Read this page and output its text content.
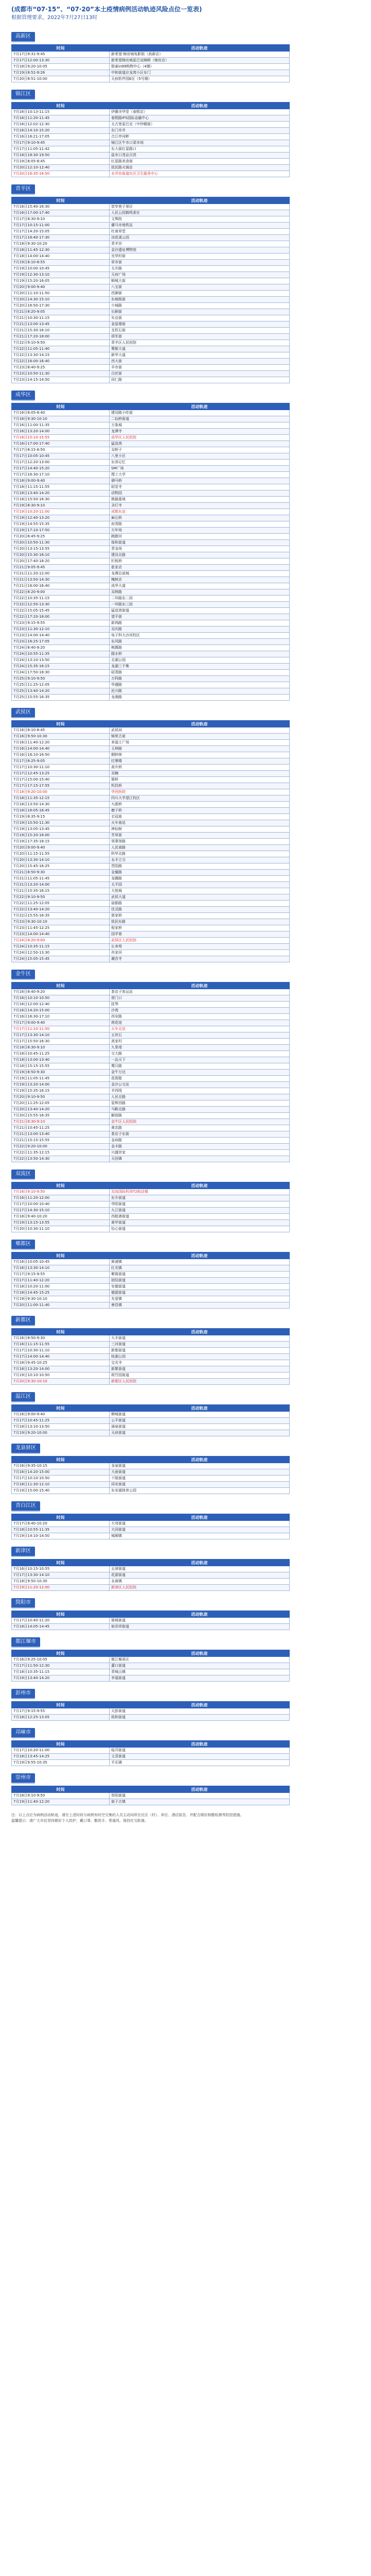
(成都市“07·15”、“07·20”本土疫情病例活动轨迹风险点位一览表)
根据管理要求，2022年7月27日13时
高新区
时间	活动轨迹
7月17日9:31-9:45	新希望·锦官城电影院（高新店）
7月17日12:00-13:30	新希望锦官城星巴克咖啡（锦官店）
7月18日9:20-10:05	银泰in99购物中心（4楼）
7月19日8:52-9:26	中和街道应龙湾小区东门
7月20日8:51-10:00	天府软件园E区（5号楼）
锦江区
时间	活动轨迹
7月16日10:13-11:15	伊藤洋华堂（春熙店）
7月16日11:20-11:45	春熙路IFS国际金融中心
7月16日12:02-12:30	太古里星巴克（中纱帽街）
7月16日14:10-15:20	东门市井
7月16日16:21-17:05	合江亭河畔
7月17日9:10-9:45	锦江区牛市口菜市场
7月17日11:05-11:42	东大街红星路口
7月18日18:30-19:50	盐市口茂业百货
7月19日8:05-8:45	红星路美食街
7月20日12:10-12:40	致民路火锅店
7月20日16:35-16:50	水井坊街道社区卫生服务中心
青羊区
时间	活动轨迹
7月16日15:40-16:30	宽窄巷子景区
7月16日17:00-17:40	人民公园鹤鸣茶社
7月17日8:30-9:10	文殊院
7月17日10:15-11:00	骡马市地铁站
7月17日14:20-15:05	杜甫草堂
7月17日16:40-17:30	浣花溪公园
7月18日9:30-10:20	青羊宫
7月18日11:45-12:30	金沙遗址博物馆
7月18日14:00-14:40	光华村街
7月19日8:10-8:55	草市街
7月19日10:00-10:45	太升路
7月19日12:30-13:10	天府广场
7月19日15:20-16:05	顺城大街
7月20日9:00-9:40	八宝街
7月20日11:10-11:50	西御街
7月20日14:30-15:10	东城根街
7月20日16:50-17:30	少城路
7月21日8:20-9:05	长顺街
7月21日10:30-11:15	实业街
7月21日13:00-13:45	奎星楼街
7月21日15:30-16:10	支机石街
7月21日17:20-18:00	将军街
7月22日9:10-9:50	青羊区人民医院
7月22日11:05-11:40	蜀都大道
7月22日13:30-14:15	新华大道
7月22日16:00-16:40	西大街
7月23日8:40-9:25	羊市街
7月23日10:50-11:30	白丝街
7月23日14:15-14:50	同仁路
成华区
时间	活动轨迹
7月16日8:05-8:40	建设路小吃街
7月16日9:30-10:10	二仙桥街道
7月16日11:00-11:35	万象城
7月16日13:20-14:00	龙潭寺
7月16日15:10-15:55	成华区人民医院
7月16日17:00-17:40	猛追湾
7月17日8:15-8:50	双桥子
7月17日10:05-10:45	八里小区
7月17日12:20-13:00	东郊记忆
7月17日14:40-15:20	SM广场
7月17日16:30-17:10	理工大学
7月18日9:00-9:40	驷马桥
7月18日11:15-11:55	昭觉寺
7月18日13:40-14:20	动物园
7月18日15:50-16:30	熊猫基地
7月19日8:30-9:10	圣灯寺
7月19日10:20-11:00	成都东站
7月19日12:40-13:20	麻石桥
7月19日14:55-15:35	府青路
7月19日17:10-17:50	万年场
7月20日8:45-9:25	跳蹬河
7月20日10:50-11:30	保和街道
7月20日13:15-13:55	青龙场
7月20日15:30-16:10	建设北路
7月20日17:40-18:20	杉板桥
7月21日9:05-9:45	崔家店
7月21日11:20-12:00	龙潭总部城
7月21日13:50-14:30	槐树店
7月21日16:00-16:40	成华大道
7月22日8:20-9:00	双林路
7月22日10:35-11:15	二环路东二段
7月22日12:50-13:30	一环路东三段
7月22日15:05-15:45	猛追湾街道
7月22日17:20-18:00	望平街
7月23日9:15-9:55	新鸿路
7月23日11:30-12:10	双庆路
7月23日14:00-14:40	电子科大沙河校区
7月23日16:25-17:05	东风路
7月24日8:40-9:20	桃蹊路
7月24日10:55-11:35	踏水桥
7月24日13:10-13:50	北湖公园
7月24日15:35-16:15	龙湖三千集
7月24日17:50-18:30	昭青路
7月25日9:10-9:50	万科路
7月25日11:25-12:05	华盛路
7月25日13:40-14:20	民兴路
7月25日15:55-16:35	龙港路
武侯区
时间	活动轨迹
7月16日8:10-8:45	武侯祠
7月16日9:50-10:30	锦里古街
7月16日11:40-12:20	来福士广场
7月16日14:00-14:40	玉林路
7月16日16:10-16:50	桐梓林
7月17日8:25-9:05	红牌楼
7月17日10:30-11:10	高升桥
7月17日12:45-13:25	双楠
7月17日15:00-15:40	簇桥
7月17日17:15-17:55	机投桥
7月18日9:20-10:00	华西医院
7月18日11:35-12:15	四川大学望江校区
7月18日13:50-14:30	九眼桥
7月18日16:05-16:45	磨子桥
7月19日8:35-9:15	衣冠庙
7月19日10:50-11:30	火车南站
7月19日13:05-13:45	神仙树
7月19日15:20-16:00	芳草街
7月19日17:35-18:15	领事馆路
7月20日9:00-9:40	人民南路
7月20日11:15-11:55	科华北路
7月20日13:30-14:10	永丰立交
7月20日15:45-16:25	晋阳路
7月21日8:50-9:30	金履路
7月21日11:05-11:45	龙腾路
7月21日13:20-14:00	太平园
7月21日15:35-16:15	大悦城
7月22日9:10-9:50	武侯大道
7月22日11:25-12:05	丽都路
7月22日13:40-14:20	佳灵路
7月22日15:55-16:35	郭家桥
7月23日9:30-10:10	致民东路
7月23日11:45-12:25	倪家桥
7月23日14:00-14:40	国学巷
7月24日8:20-9:00	武侯区人民医院
7月24日10:35-11:15	长寿苑
7月24日12:50-13:30	肖家河
7月24日15:05-15:45	潮音寺
金牛区
时间	活动轨迹
7月16日8:40-9:20	茶店子客运站
7月16日10:10-10:50	营门口
7月16日12:00-12:40	抚琴
7月16日14:20-15:00	沙湾
7月16日16:30-17:10	西安路
7月17日9:00-9:40	荷花池
7月17日11:10-11:50	火车北站
7月17日13:30-14:10	五块石
7月17日15:50-16:30	高家村
7月18日8:30-9:10	九里堤
7月18日10:45-11:25	交大路
7月18日13:00-13:40	一品天下
7月18日15:15-15:55	蜀汉路
7月19日8:50-9:30	金牛万达
7月19日11:05-11:45	花照壁
7月19日13:20-14:00	金沙公交站
7月19日15:35-16:15	羊西线
7月20日9:10-9:50	人民北路
7月20日11:25-12:05	星辉西路
7月20日13:40-14:20	马鞍北路
7月20日15:55-16:35	解放路
7月21日8:30-9:10	金牛区人民医院
7月21日10:45-11:25	黄忠路
7月21日13:00-13:40	茶店子东街
7月21日15:15-15:55	金府路
7月22日9:20-10:00	金丰路
7月22日11:35-12:15	兴盛世家
7月22日13:50-14:30	天回镇
双流区
时间	活动轨迹
7月16日9:10-9:50	双流国际机场T2航站楼
7月16日11:20-12:00	东升街道
7月17日10:00-10:40	华阳街道
7月17日14:30-15:10	九江街道
7月18日9:40-10:20	西航港街道
7月19日13:15-13:55	黄甲街道
7月20日10:30-11:10	怡心街道
郫都区
时间	活动轨迹
7月16日10:05-10:45	犀浦镇
7月16日13:30-14:10	红光镇
7月17日9:15-9:55	郫筒街道
7月17日11:40-12:20	团结街道
7月18日10:20-11:00	安德街道
7月18日14:45-15:25	德源街道
7月19日9:30-10:10	友爱镇
7月20日11:00-11:40	唐昌镇
新都区
时间	活动轨迹
7月16日8:50-9:30	大丰街道
7月16日11:15-11:55	三河街道
7月17日10:30-11:10	新都街道
7月17日14:00-14:40	桂湖公园
7月18日9:45-10:25	宝光寺
7月18日13:20-14:00	新繁街道
7月19日10:10-10:50	斑竹园街道
7月20日9:30-10:10	新都区人民医院
温江区
时间	活动轨迹
7月16日9:00-9:40	柳城街道
7月17日10:45-11:25	公平街道
7月18日13:10-13:50	涌泉街道
7月19日9:20-10:00	天府街道
龙泉驿区
时间	活动轨迹
7月16日9:35-10:15	龙泉街道
7月16日14:20-15:00	大面街道
7月17日10:10-10:50	十陵街道
7月18日11:30-12:10	同安街道
7月19日15:00-15:40	东安湖体育公园
青白江区
时间	活动轨迹
7月17日9:40-10:20	大弯街道
7月18日10:55-11:35	大同街道
7月19日14:10-14:50	城厢镇
新津区
时间	活动轨迹
7月16日10:15-10:55	五津街道
7月17日13:30-14:10	花源街道
7月18日9:50-10:30	永商镇
7月19日11:20-12:00	新津区人民医院
简阳市
时间	活动轨迹
7月17日10:40-11:20	简城街道
7月18日14:05-14:45	射洪坝街道
都江堰市
时间	活动轨迹
7月16日9:25-10:05	都江堰景区
7月17日11:50-12:30	灌口街道
7月18日10:35-11:15	青城山镇
7月19日13:40-14:20	幸福街道
彭州市
时间	活动轨迹
7月17日9:15-9:55	天彭街道
7月18日12:25-13:05	致和街道
邛崃市
时间	活动轨迹
7月17日10:20-11:00	临邛街道
7月18日13:45-14:25	文君街道
7月19日9:55-10:35	平乐镇
崇州市
时间	活动轨迹
7月18日9:10-9:50	崇阳街道
7月19日11:40-12:20	街子古镇
注：以上点位为病例活动轨迹，请在上述时段与病例有时空交集的人员主动向所在社区（村）、单位、酒店报告，并配合做好核酸检测等防控措施。
温馨提示：请广大市民坚持做好个人防护，戴口罩、勤洗手、常通风、保持社交距离。
